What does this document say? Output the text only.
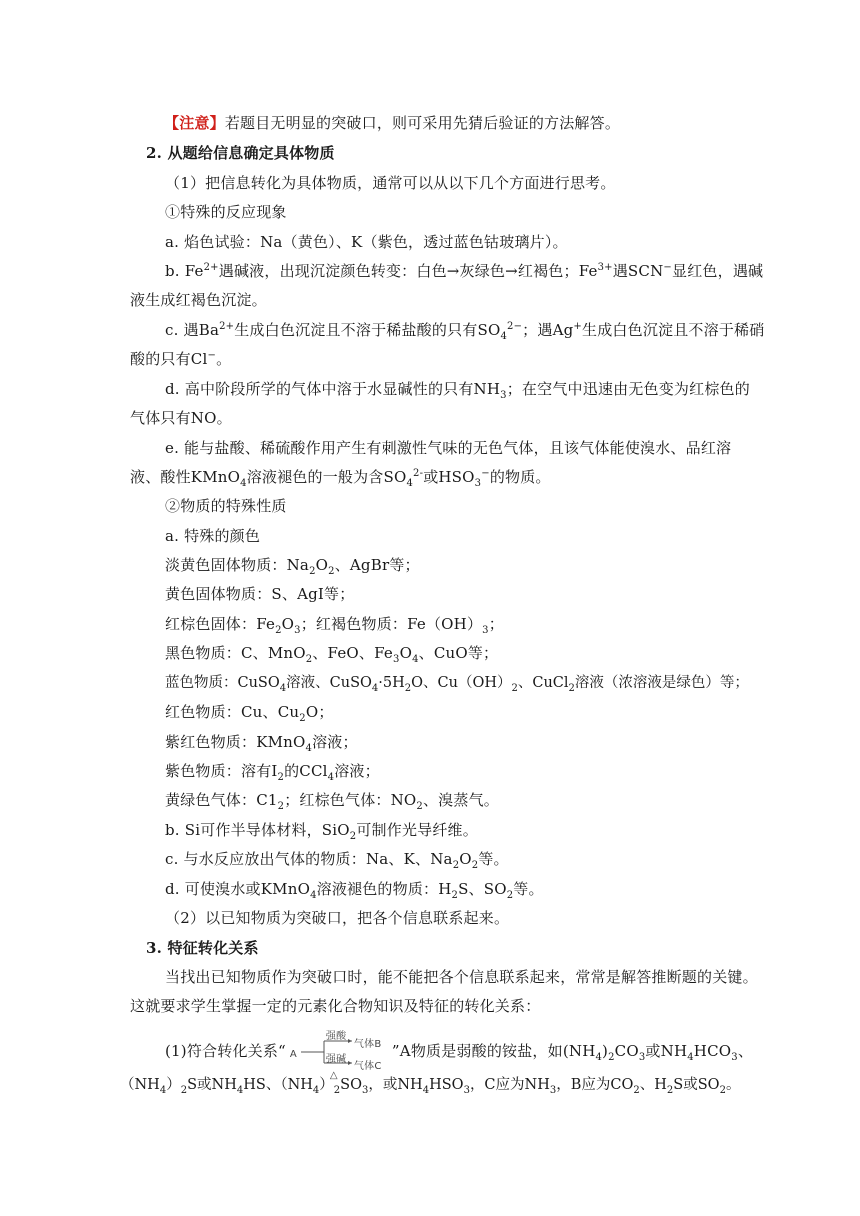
【注意】若题目无明显的突破口，则可采用先猜后验证的方法解答。
2. 从题给信息确定具体物质
（1）把信息转化为具体物质，通常可以从以下几个方面进行思考。
①特殊的反应现象
a. 焰色试验：Na（黄色）、K（紫色，透过蓝色钴玻璃片）。
b. $Fe^{2+}$遇碱液，出现沉淀颜色转变：白色→灰绿色→红褐色；$Fe^{3+}$遇SCN−显红色，遇碱
液生成红褐色沉淀。
c. 遇$Ba^{2+}$生成白色沉淀且不溶于稀盐酸的只有$SO_4^{2-}$；遇Ag+生成白色沉淀且不溶于稀硝
酸的只有Cl−。
d. 高中阶段所学的气体中溶于水显碱性的只有$NH_3$；在空气中迅速由无色变为红棕色的
气体只有NO。
e. 能与盐酸、稀硫酸作用产生有刺激性气味的无色气体，且该气体能使溴水、品红溶
液、酸性KMnO$_4$溶液褪色的一般为含$SO_4^{2-}$或$HSO_3^-$的物质。
②物质的特殊性质
a. 特殊的颜色
淡黄色固体物质：$Na_2O_2$、AgBr等；
黄色固体物质：S、AgI等；
红棕色固体：$Fe_2O_3$；红褐色物质：$Fe(OH)_3$；
黑色物质：C、MnO$_2$、FeO、$Fe_3O_4$、CuO等；
蓝色物质：CuSO$_4$溶液、$CuSO_4\cdot 5H_2O$、$Cu(OH)_2$、CuCl$_2$溶液（浓溶液是绿色）等；
红色物质：Cu、$Cu_2O$；
紫红色物质：KMnO$_4$溶液；
紫色物质：溶有$I_2$的CCl$_4$溶液；
黄绿色气体：$C1_2$；红棕色气体：$NO_2$、溴蒸气。
b. Si可作半导体材料，SiO$_2$可制作光导纤维。
c. 与水反应放出气体的物质：Na、K、$Na_2O_2$等。
d. 可使溴水或KMnO$_4$溶液褪色的物质：$H_2S$、$SO_2$等。
（2）以已知物质为突破口，把各个信息联系起来。
3. 特征转化关系
当找出已知物质作为突破口时，能不能把各个信息联系起来，常常是解答推断题的关键。
这就要求学生掌握一定的元素化合物知识及特征的转化关系：
(1)符合转化关系“ A
强酸
强碱
△
气体B
气体C
”A物质是弱酸的铵盐，如$(NH_4)_2CO_3$或$NH_4HCO_3$、
$(NH_4)_2S$或$NH_4HS$、$(NH_4)_2SO_3$，或$NH_4HSO_3$，C应为$NH_3$，B应为$CO_2$、$H_2S$或$SO_2$。
